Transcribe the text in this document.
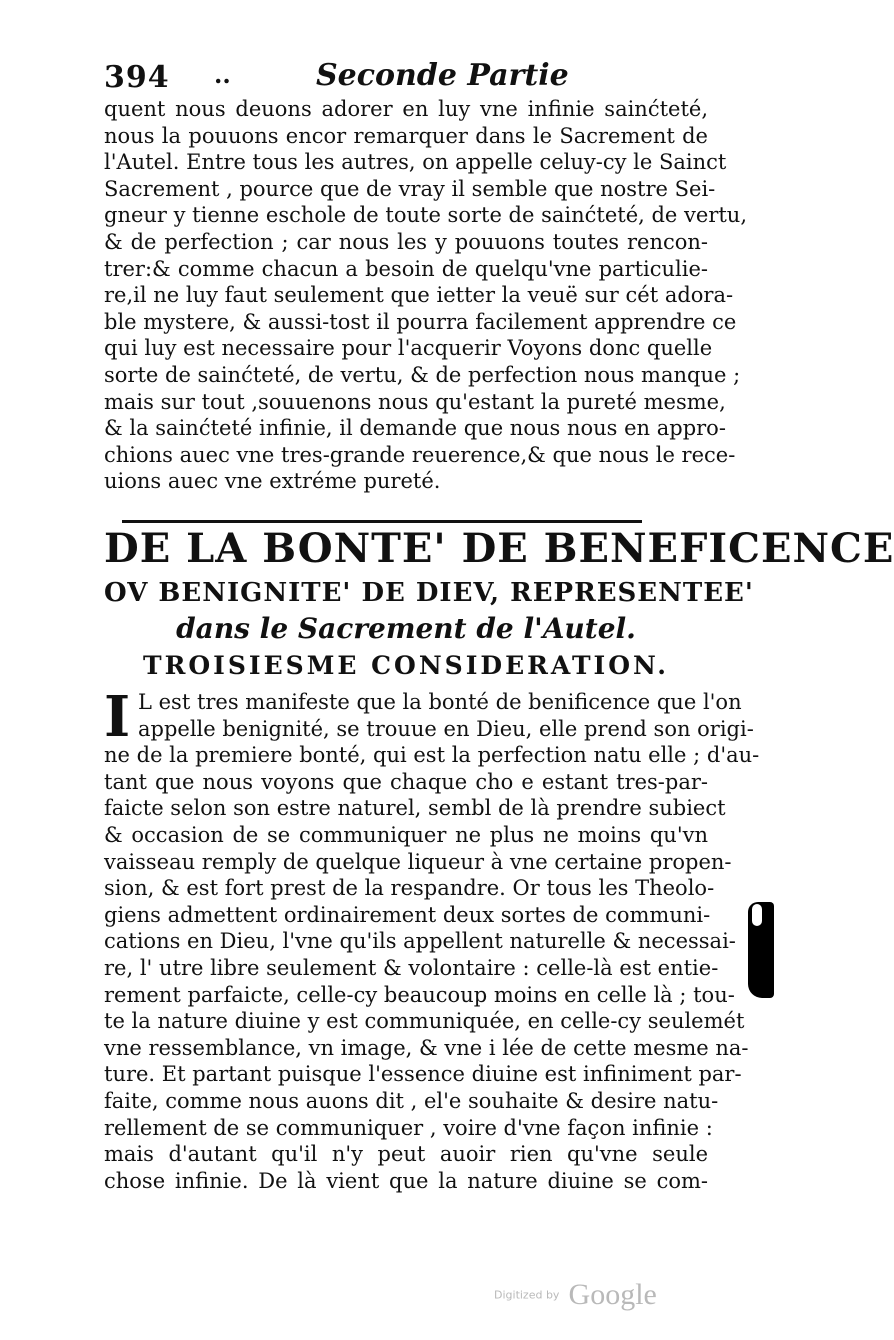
394 ..	Seconde Partie
quent nous deuons adorer en luy vne infinie sainćteté,
nous la pouuons encor remarquer dans le Sacrement de
l'Autel. Entre tous les autres, on appelle celuy-cy le Sainct
Sacrement , pource que de vray il semble que nostre Sei-
gneur y tienne eschole de toute sorte de sainćteté, de vertu,
& de perfection ; car nous les y pouuons toutes rencon-
trer:& comme chacun a besoin de quelqu'vne particulie-
re,il ne luy faut seulement que ietter la veuë sur cét adora-
ble mystere, & aussi-tost il pourra facilement apprendre ce
qui luy est necessaire pour l'acquerir Voyons donc quelle
sorte de sainćteté, de vertu, & de perfection nous manque ;
mais sur tout ,souuenons nous qu'estant la pureté mesme,
& la sainćteté infinie, il demande que nous nous en appro-
chions auec vne tres-grande reuerence,& que nous le rece-
uions auec vne extréme pureté.
DE LA BONTE' DE BENEFICENCE
OV BENIGNITE' DE DIEV, REPRESENTEE'
dans le Sacrement de l'Autel.
TROISIESME CONSIDERATION.
I L est tres manifeste que la bonté de benificence que l'on
appelle benignité, se trouue en Dieu, elle prend son origi-
ne de la premiere bonté, qui est la perfection natu elle ; d'au-
tant que nous voyons que chaque cho e estant tres-par-
faicte selon son estre naturel, sembl de là prendre subiect
& occasion de se communiquer ne plus ne moins qu'vn
vaisseau remply de quelque liqueur à vne certaine propen-
sion, & est fort prest de la respandre. Or tous les Theolo-
giens admettent ordinairement deux sortes de communi-
cations en Dieu, l'vne qu'ils appellent naturelle & necessai-
re, l' utre libre seulement & volontaire : celle-là est entie-
rement parfaicte, celle-cy beaucoup moins en celle là ; tou-
te la nature diuine y est communiquée, en celle-cy seulemét
vne ressemblance, vn image, & vne i lée de cette mesme na-
ture. Et partant puisque l'essence diuine est infiniment par-
faite, comme nous auons dit , el'e souhaite & desire natu-
rellement de se communiquer , voire d'vne façon infinie :
mais d'autant qu'il n'y peut auoir rien qu'vne seule
chose infinie. De là vient que la nature diuine se com-
Digitized by Google
